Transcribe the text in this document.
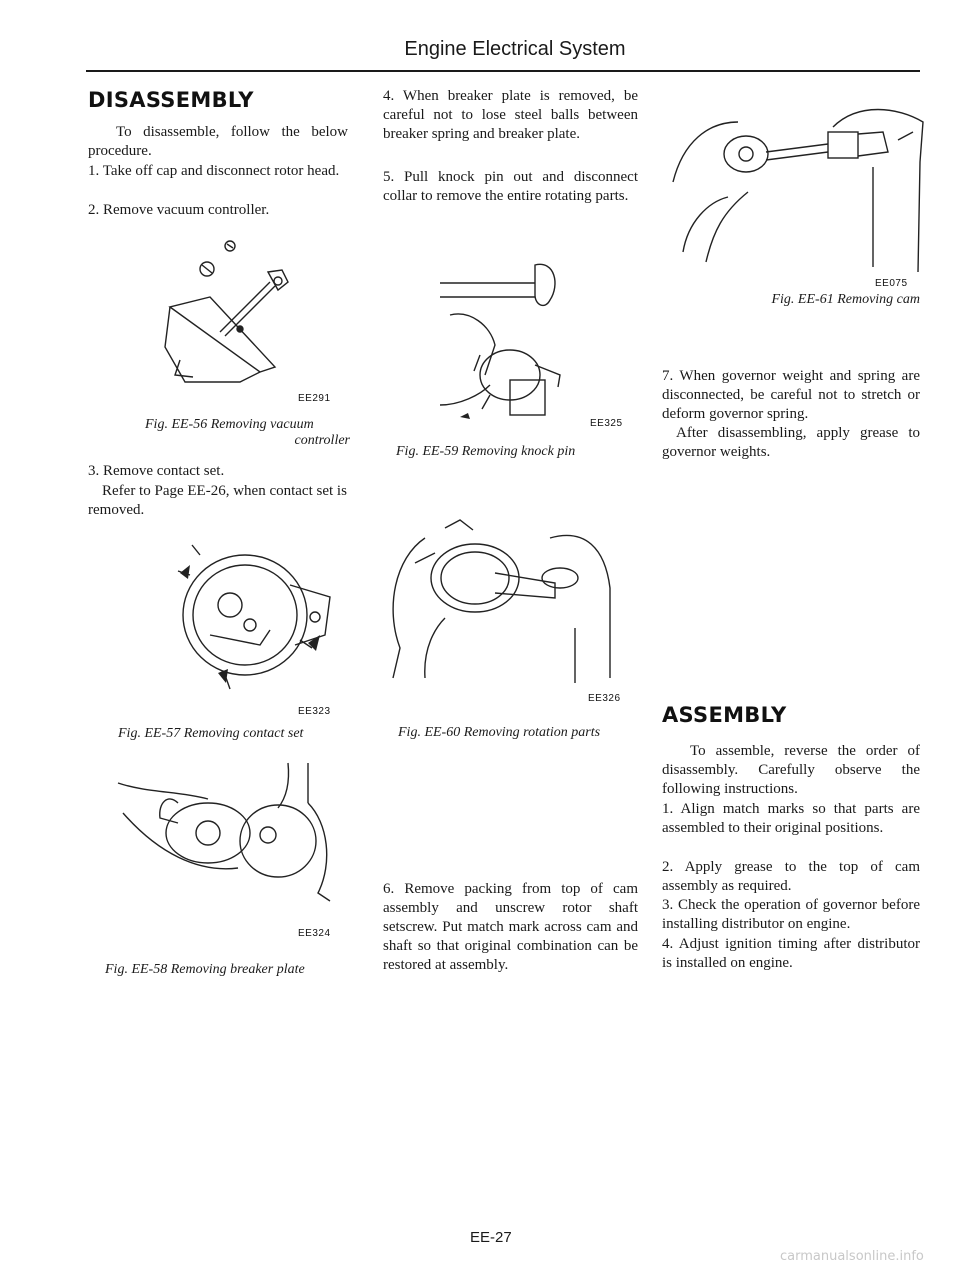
Engine Electrical System
DISASSEMBLY

To disassemble, follow the below procedure.

1. Take off cap and disconnect rotor head.

2. Remove vacuum controller.

EE291
Fig. EE-56 Removing vacuum
controller

3. Remove contact set.

Refer to Page EE-26, when contact set is removed.

EE323
Fig. EE-57 Removing contact set
EE324
Fig. EE-58 Removing breaker plate

4. When breaker plate is removed, be careful not to lose steel balls between breaker spring and breaker plate.

5. Pull knock pin out and disconnect collar to remove the entire rotating parts.

EE325
Fig. EE-59 Removing knock pin
EE326
Fig. EE-60 Removing rotation parts

6. Remove packing from top of cam assembly and unscrew rotor shaft setscrew. Put match mark across cam and shaft so that original combination can be restored at assembly.

EE075
Fig. EE-61 Removing cam

7. When governor weight and spring are disconnected, be careful not to stretch or deform governor spring.

After disassembling, apply grease to governor weights.

ASSEMBLY

To assemble, reverse the order of disassembly. Carefully observe the following instructions.

1. Align match marks so that parts are assembled to their original positions.

2. Apply grease to the top of cam assembly as required.

3. Check the operation of governor before installing distributor on engine.

4. Adjust ignition timing after distributor is installed on engine.

EE-27
carmanualsonline.info
